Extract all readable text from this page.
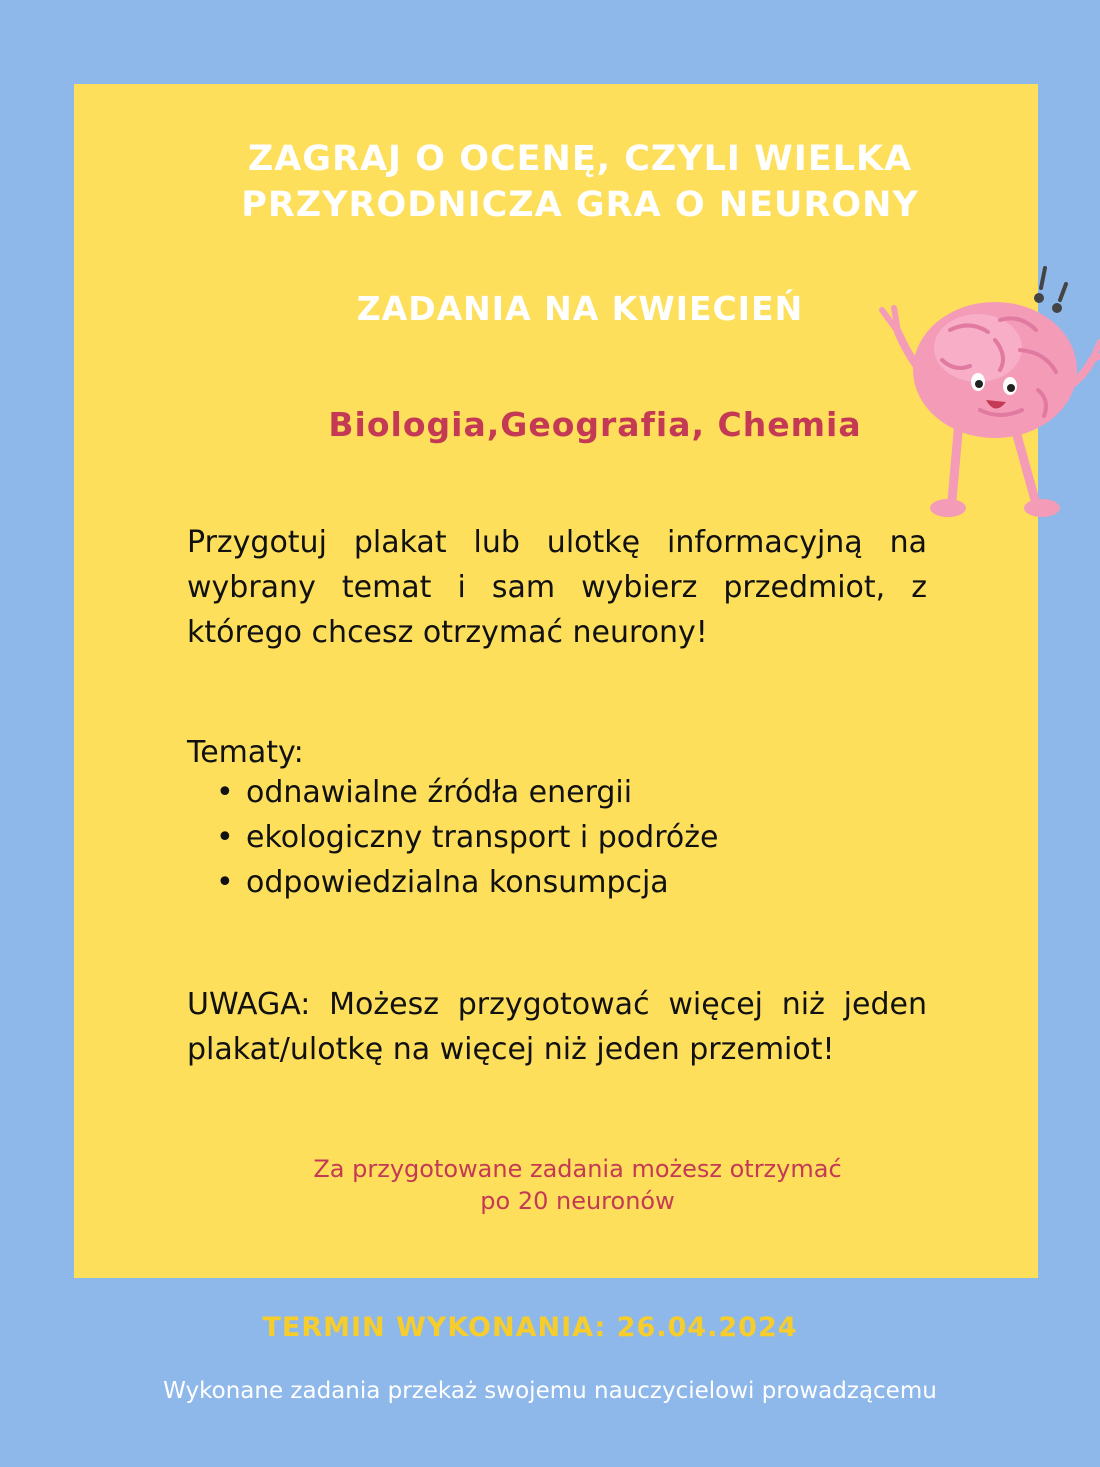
ZAGRAJ O OCENĘ, CZYLI WIELKA
PRZYRODNICZA GRA O NEURONY
ZADANIA NA KWIECIEŃ
Biologia,Geografia, Chemia

Przygotuj plakat lub ulotkę informacyjną na wybrany temat i sam wybierz przedmiot, z którego chcesz otrzymać neurony!

Tematy:

• odnawialne źródła energii
• ekologiczny transport i podróże
• odpowiedzialna konsumpcja

UWAGA: Możesz przygotować więcej niż jeden plakat/ulotkę na więcej niż jeden przemiot!

Za przygotowane zadania możesz otrzymać
po 20 neuronów

TERMIN WYKONANIA: 26.04.2024

Wykonane zadania przekaż swojemu nauczycielowi prowadzącemu
